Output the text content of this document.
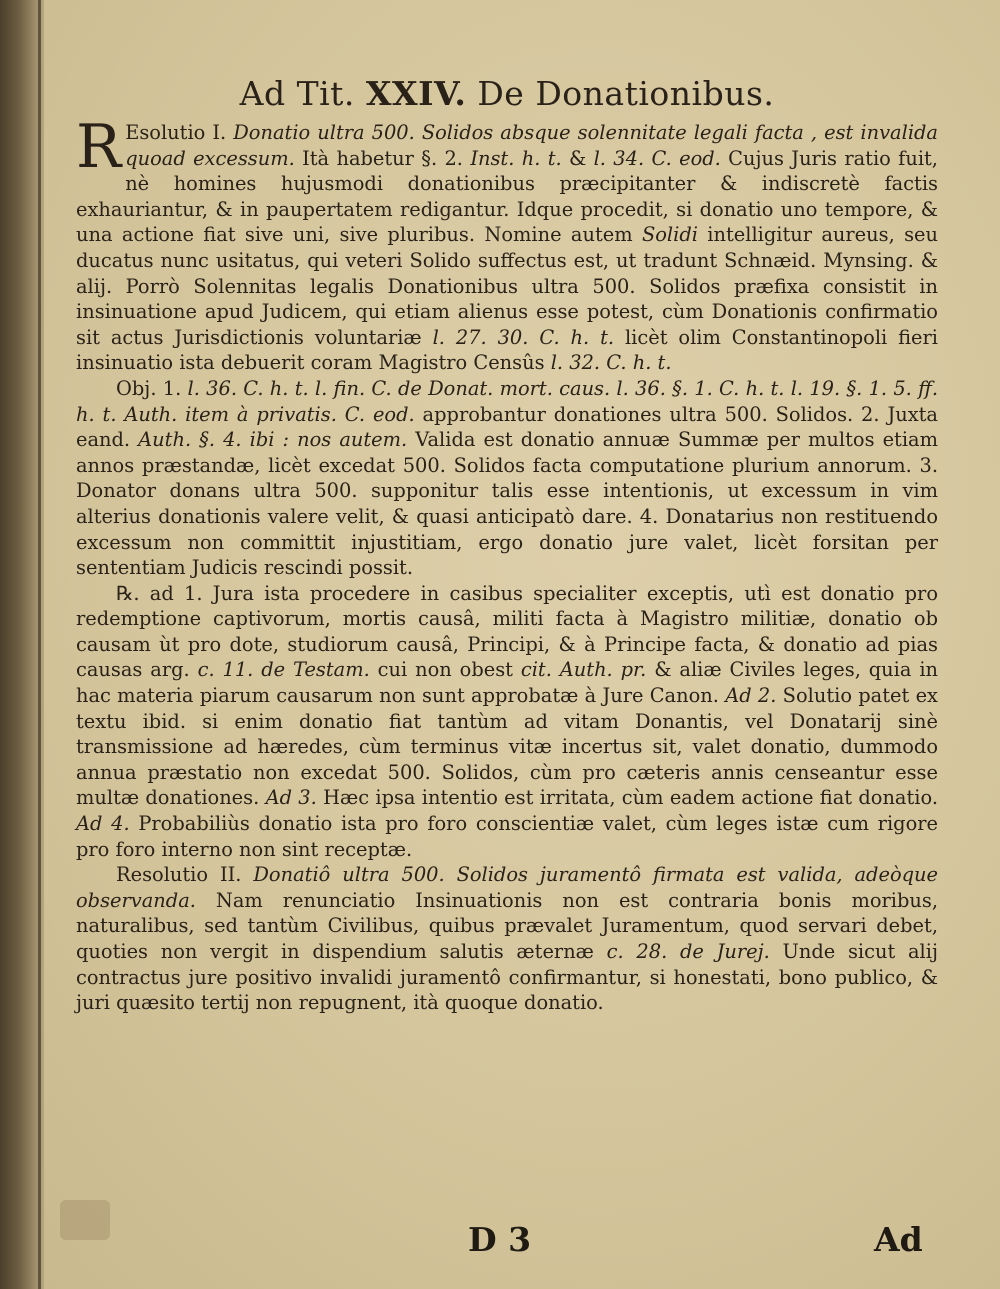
Ad Tit. XXIV. De Donationibus.

R Esolutio I. Donatio ultra 500. Solidos absque solennitate legali facta , est invalida quoad excessum. Ità habetur §. 2. Inst. h. t. & l. 34. C. eod. Cujus Juris ratio fuit, nè homines hujusmodi donationibus præcipitanter & indiscretè factis exhauriantur, & in paupertatem redigantur. Idque procedit, si donatio uno tempore, & una actione fiat sive uni, sive pluribus. Nomine autem Solidi intelligitur aureus, seu ducatus nunc usitatus, qui veteri Solido suffectus est, ut tradunt Schnæid. Mynsing. & alij. Porrò Solennitas legalis Donationibus ultra 500. Solidos præfixa consistit in insinuatione apud Judicem, qui etiam alienus esse potest, cùm Donationis confirmatio sit actus Jurisdictionis voluntariæ l. 27. 30. C. h. t. licèt olim Constantinopoli fieri insinuatio ista debuerit coram Magistro Censûs l. 32. C. h. t.

Obj. 1. l. 36. C. h. t. l. fin. C. de Donat. mort. caus. l. 36. §. 1. C. h. t. l. 19. §. 1. 5. ff. h. t. Auth. item à privatis. C. eod. approbantur donationes ultra 500. Solidos. 2. Juxta eand. Auth. §. 4. ibi : nos autem. Valida est donatio annuæ Summæ per multos etiam annos præstandæ, licèt excedat 500. Solidos facta computatione plurium annorum. 3. Donator donans ultra 500. supponitur talis esse intentionis, ut excessum in vim alterius donationis valere velit, & quasi anticipatò dare. 4. Donatarius non restituendo excessum non committit injustitiam, ergo donatio jure valet, licèt forsitan per sententiam Judicis rescindi possit.

℞. ad 1. Jura ista procedere in casibus specialiter exceptis, utì est donatio pro redemptione captivorum, mortis causâ, militi facta à Magistro militiæ, donatio ob causam ùt pro dote, studiorum causâ, Principi, & à Principe facta, & donatio ad pias causas arg. c. 11. de Testam. cui non obest cit. Auth. pr. & aliæ Civiles leges, quia in hac materia piarum causarum non sunt approbatæ à Jure Canon. Ad 2. Solutio patet ex textu ibid. si enim donatio fiat tantùm ad vitam Donantis, vel Donatarij sinè transmissione ad hæredes, cùm terminus vitæ incertus sit, valet donatio, dummodo annua præstatio non excedat 500. Solidos, cùm pro cæteris annis censeantur esse multæ donationes. Ad 3. Hæc ipsa intentio est irritata, cùm eadem actione fiat donatio. Ad 4. Probabiliùs donatio ista pro foro conscientiæ valet, cùm leges istæ cum rigore pro foro interno non sint receptæ.

Resolutio II. Donatiô ultra 500. Solidos juramentô firmata est valida, adeòque observanda. Nam renunciatio Insinuationis non est contraria bonis moribus, naturalibus, sed tantùm Civilibus, quibus prævalet Juramentum, quod servari debet, quoties non vergit in dispendium salutis æternæ c. 28. de Jurej. Unde sicut alij contractus jure positivo invalidi juramentô confirmantur, si honestati, bono publico, & juri quæsito tertij non repugnent, ità quoque donatio.

D 3	Ad
